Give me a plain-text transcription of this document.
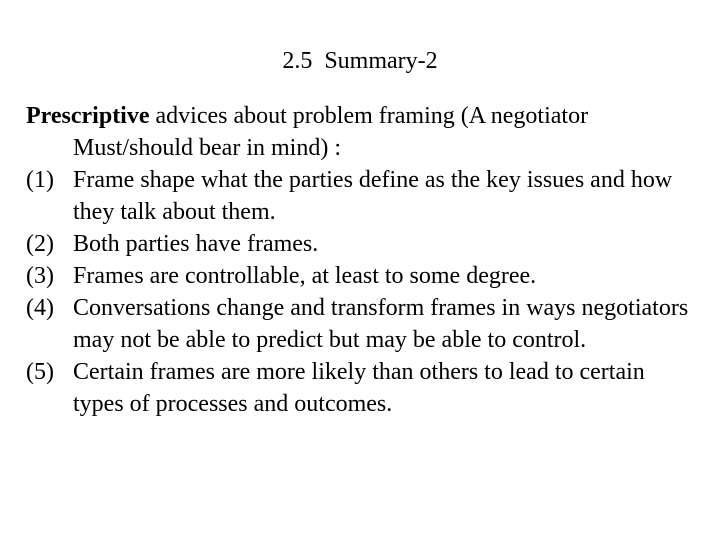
2.5  Summary-2

Prescriptive advices about problem framing (A negotiator Must/should bear in mind) :

(1) Frame shape what the parties define as the key issues and how they talk about them.
(2) Both parties have frames.
(3) Frames are controllable, at least to some degree.
(4) Conversations change and transform frames in ways negotiators may not be able to predict but may be able to control.
(5) Certain frames are more likely than others to lead to certain types of processes and outcomes.
